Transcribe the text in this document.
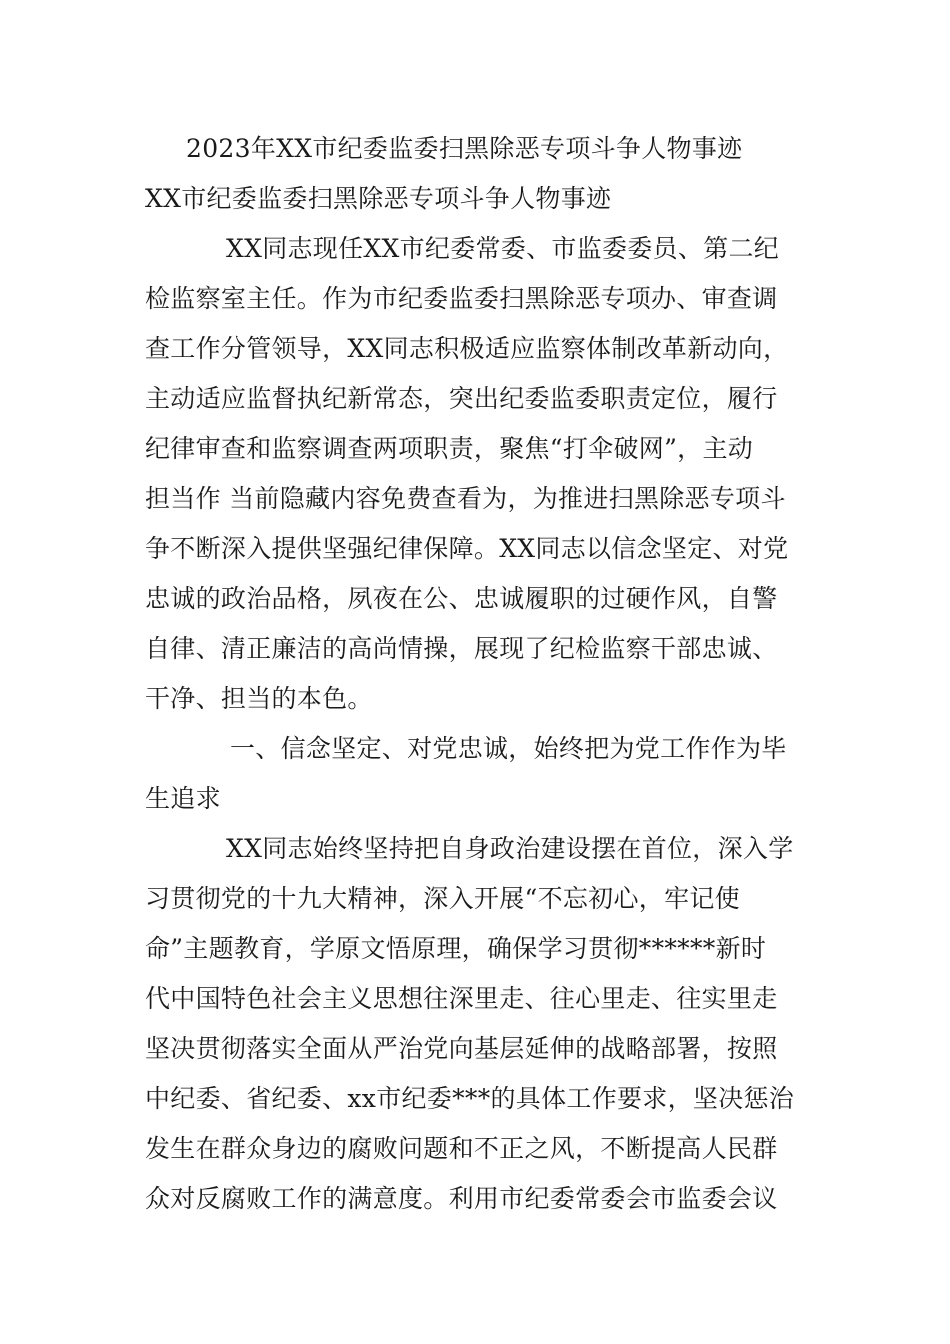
2023年XX市纪委监委扫黑除恶专项斗争人物事迹
XX市纪委监委扫黑除恶专项斗争人物事迹
XX同志现任XX市纪委常委、市监委委员、第二纪
检监察室主任。作为市纪委监委扫黑除恶专项办、审查调
查工作分管领导，XX同志积极适应监察体制改革新动向，
主动适应监督执纪新常态，突出纪委监委职责定位，履行
纪律审查和监察调查两项职责，聚焦“打伞破网”，主动
担当作 当前隐藏内容免费查看为，为推进扫黑除恶专项斗
争不断深入提供坚强纪律保障。XX同志以信念坚定、对党
忠诚的政治品格，夙夜在公、忠诚履职的过硬作风，自警
自律、清正廉洁的高尚情操，展现了纪检监察干部忠诚、
干净、担当的本色。
一、信念坚定、对党忠诚，始终把为党工作作为毕
生追求
XX同志始终坚持把自身政治建设摆在首位，深入学
习贯彻党的十九大精神，深入开展“不忘初心，牢记使
命”主题教育，学原文悟原理，确保学习贯彻******新时
代中国特色社会主义思想往深里走、往心里走、往实里走
坚决贯彻落实全面从严治党向基层延伸的战略部署，按照
中纪委、省纪委、xx市纪委***的具体工作要求，坚决惩治
发生在群众身边的腐败问题和不正之风，不断提高人民群
众对反腐败工作的满意度。利用市纪委常委会市监委会议
